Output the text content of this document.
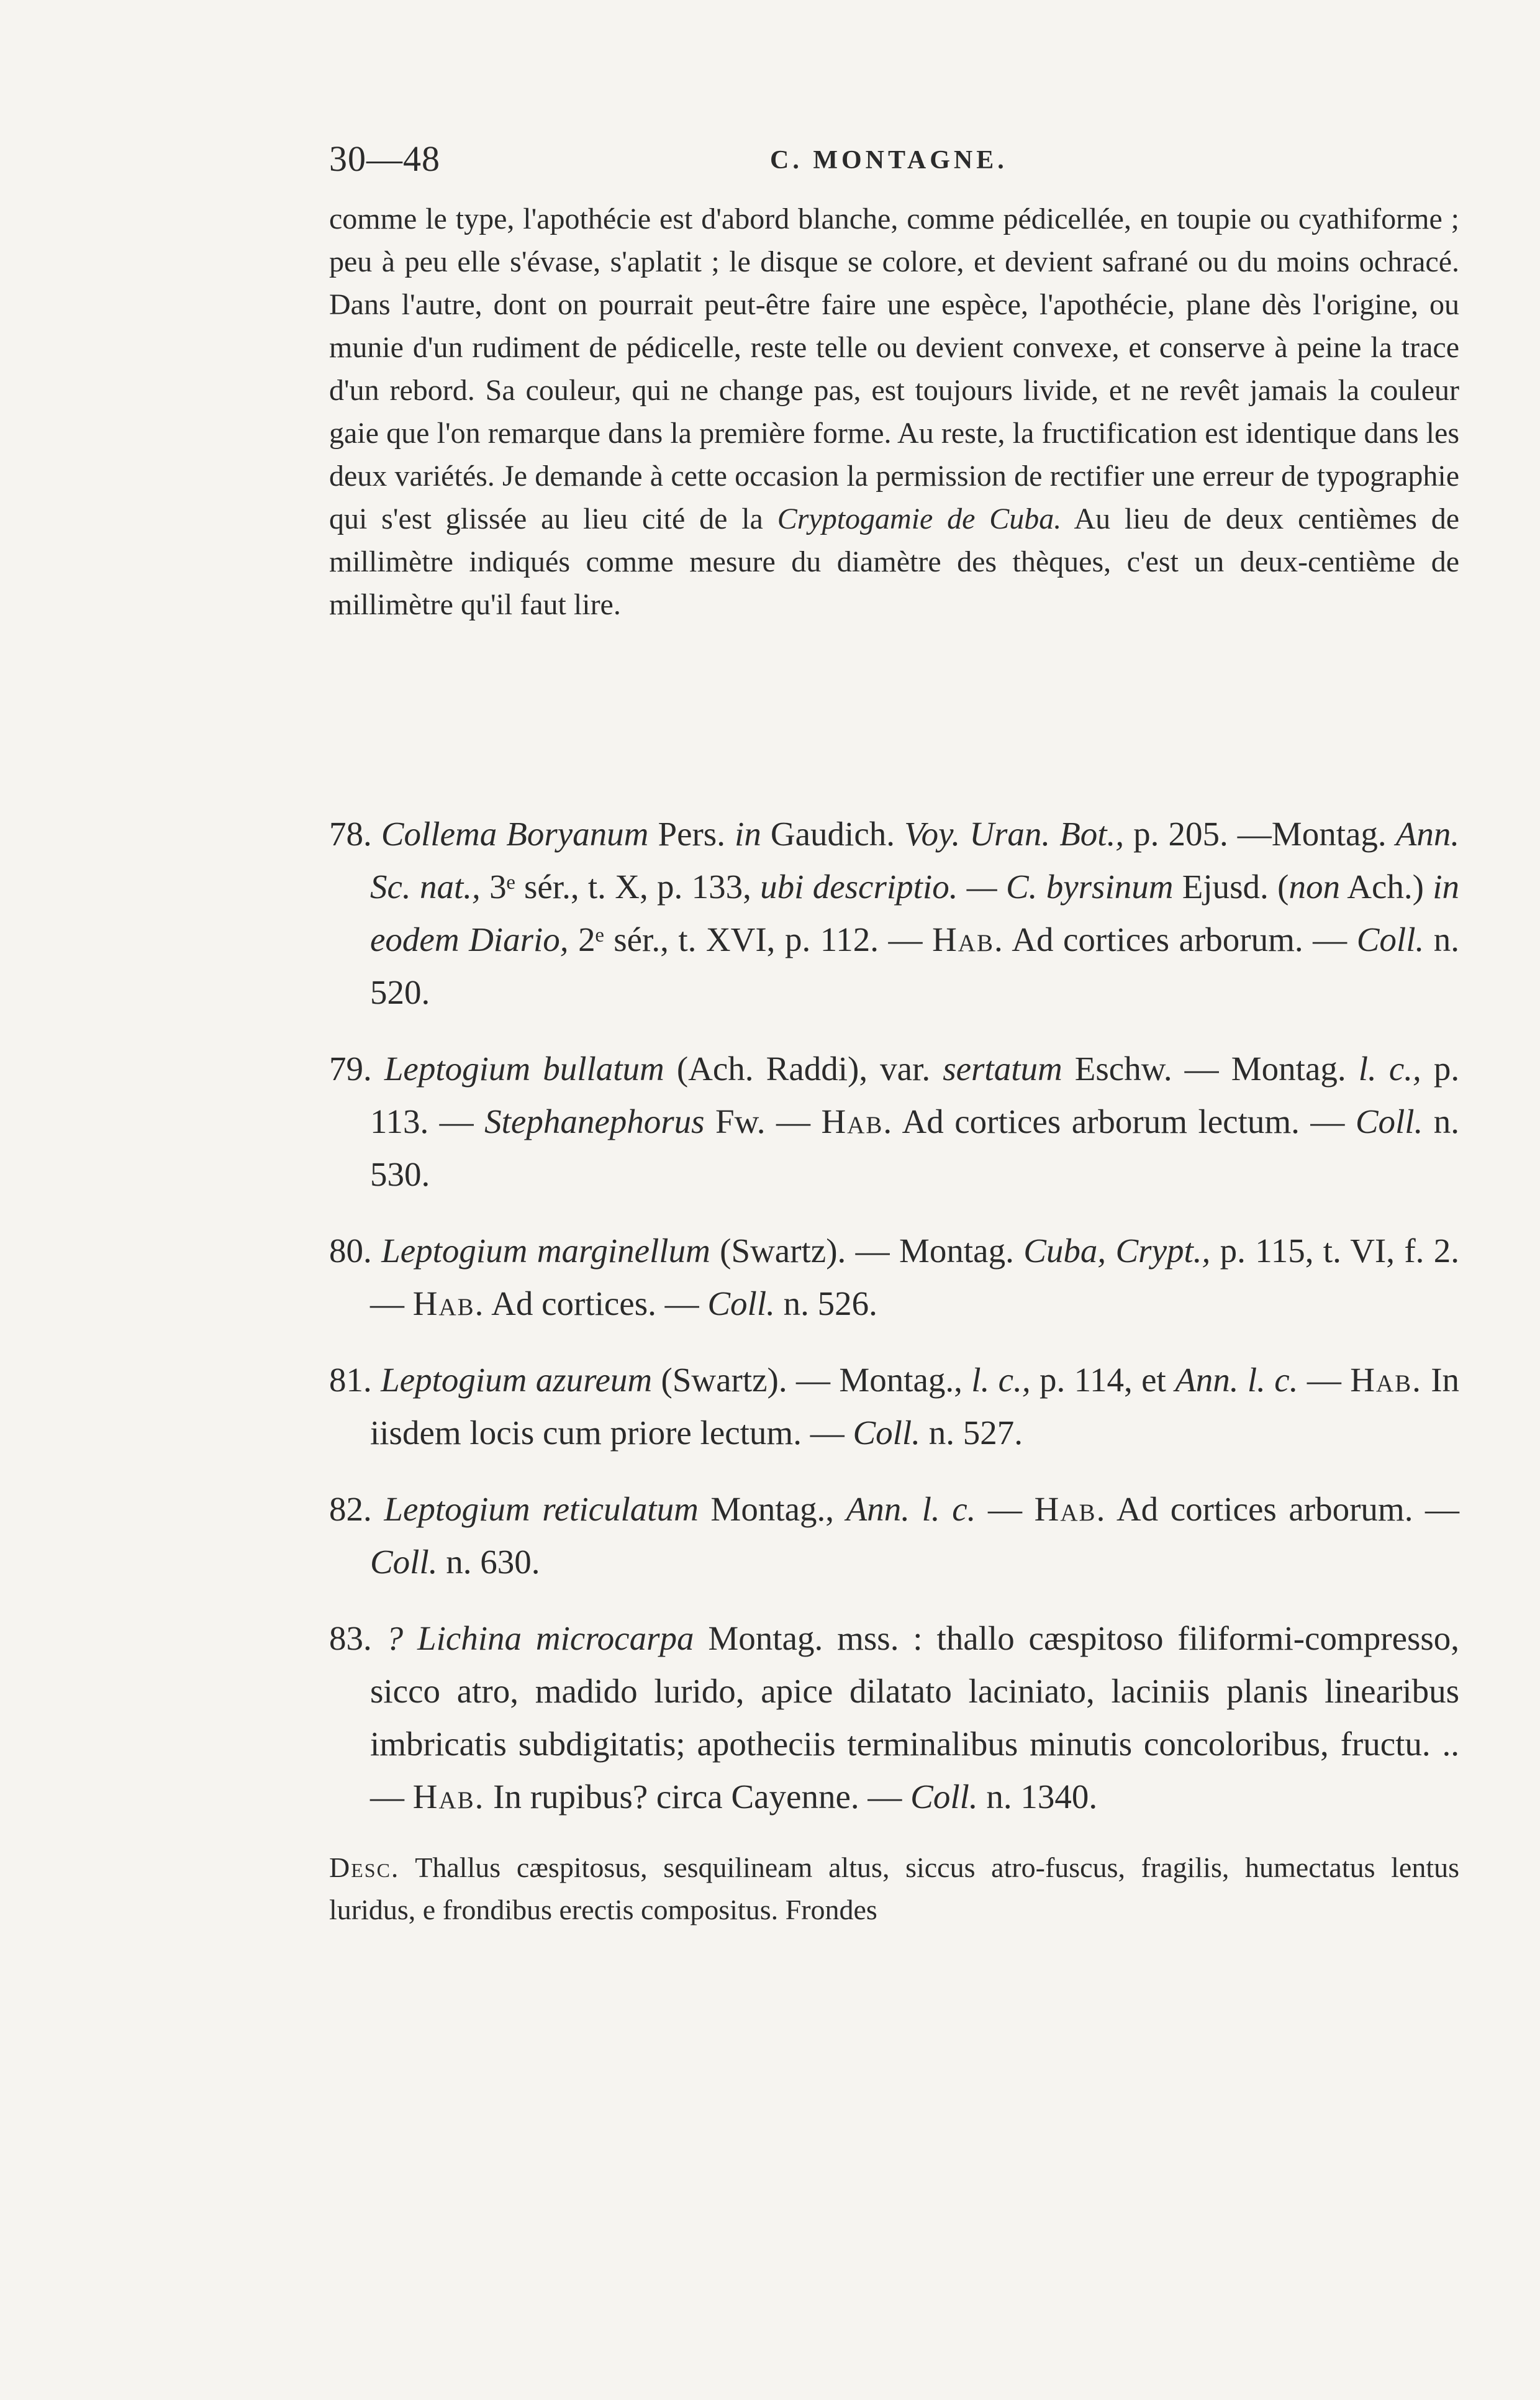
30—48	C. MONTAGNE.
comme le type, l'apothécie est d'abord blanche, comme pédicellée, en toupie ou cyathiforme ; peu à peu elle s'évase, s'aplatit ; le disque se colore, et devient safrané ou du moins ochracé. Dans l'autre, dont on pourrait peut-être faire une espèce, l'apothécie, plane dès l'origine, ou munie d'un rudiment de pédicelle, reste telle ou devient convexe, et conserve à peine la trace d'un rebord. Sa couleur, qui ne change pas, est toujours livide, et ne revêt jamais la couleur gaie que l'on remarque dans la première forme. Au reste, la fructification est identique dans les deux variétés. Je demande à cette occasion la permission de rectifier une erreur de typographie qui s'est glissée au lieu cité de la Cryptogamie de Cuba. Au lieu de deux centièmes de millimètre indiqués comme mesure du diamètre des thèques, c'est un deux-centième de millimètre qu'il faut lire.

78. Collema Boryanum Pers. in Gaudich. Voy. Uran. Bot., p. 205. —Montag. Ann. Sc. nat., 3ᵉ sér., t. X, p. 133, ubi descriptio. — C. byrsinum Ejusd. (non Ach.) in eodem Diario, 2ᵉ sér., t. XVI, p. 112. — Hab. Ad cortices arborum. — Coll. n. 520.

79. Leptogium bullatum (Ach. Raddi), var. sertatum Eschw. — Montag. l. c., p. 113. — Stephanephorus Fw. — Hab. Ad cortices arborum lectum. — Coll. n. 530.

80. Leptogium marginellum (Swartz). — Montag. Cuba, Crypt., p. 115, t. VI, f. 2. — Hab. Ad cortices. — Coll. n. 526.

81. Leptogium azureum (Swartz). — Montag., l. c., p. 114, et Ann. l. c. — Hab. In iisdem locis cum priore lectum. — Coll. n. 527.

82. Leptogium reticulatum Montag., Ann. l. c. — Hab. Ad cortices arborum. — Coll. n. 630.

83. ? Lichina microcarpa Montag. mss. : thallo cæspitoso filiformi-compresso, sicco atro, madido lurido, apice dilatato laciniato, laciniis planis linearibus imbricatis subdigitatis; apotheciis terminalibus minutis concoloribus, fructu. .. — Hab. In rupibus? circa Cayenne. — Coll. n. 1340.

Desc. Thallus cæspitosus, sesquilineam altus, siccus atro-fuscus, fragilis, humectatus lentus luridus, e frondibus erectis compositus. Frondes
